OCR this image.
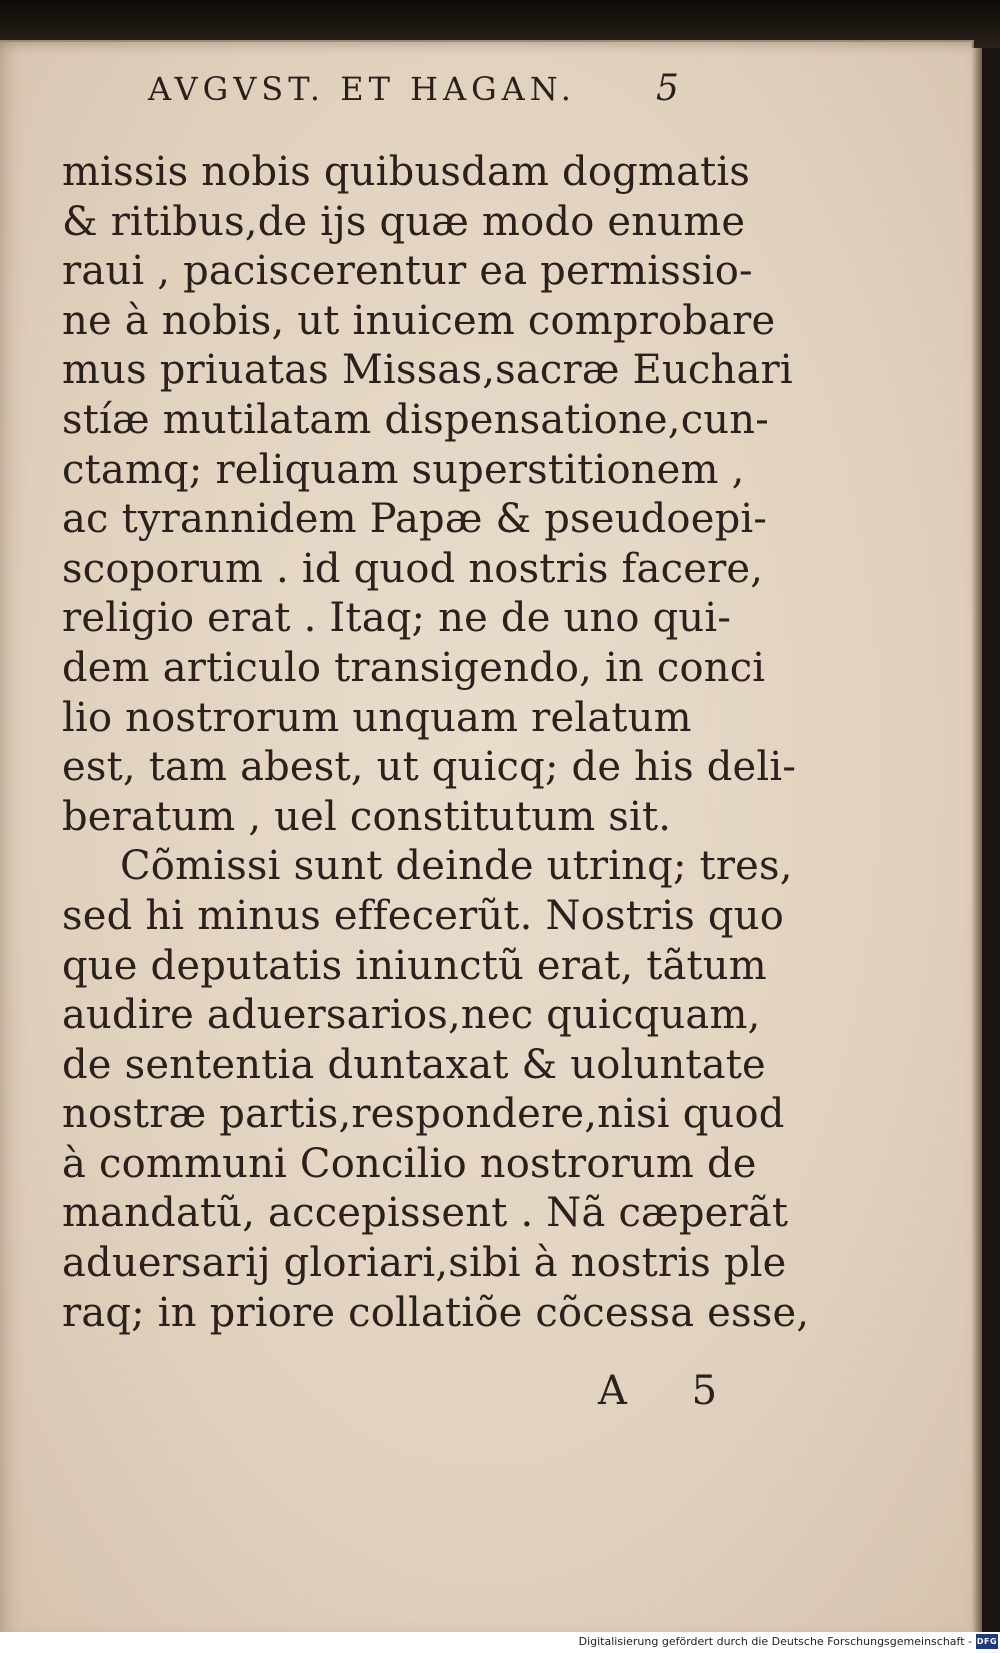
AVGVST. ET HAGAN. 5
missis nobis quibusdam dogmatis
& ritibus,de ijs quæ modo enume
raui , paciscerentur ea permissio-
ne à nobis, ut inuicem comprobare
mus priuatas Missas,sacræ Euchari
stíæ mutilatam dispensatione,cun-
ctamq; reliquam superstitionem ,
ac tyrannidem Papæ & pseudoepi-
scoporum . id quod nostris facere,
religio erat . Itaq; ne de uno qui-
dem articulo transigendo, in conci
lio nostrorum unquam relatum
est, tam abest, ut quicq; de his deli-
beratum , uel constitutum sit.
Cõmissi sunt deinde utrinq; tres,
sed hi minus effecerũt. Nostris quo
que deputatis iniunctũ erat, tãtum
audire aduersarios,nec quicquam,
de sententia duntaxat & uoluntate
nostræ partis,respondere,nisi quod
à communi Concilio nostrorum de
mandatũ, accepissent . Nã cæperãt
aduersarij gloriari,sibi à nostris ple
raq; in priore collatiõe cõcessa esse,
A 5
Digitalisierung gefördert durch die Deutsche Forschungsgemeinschaft - DFG
